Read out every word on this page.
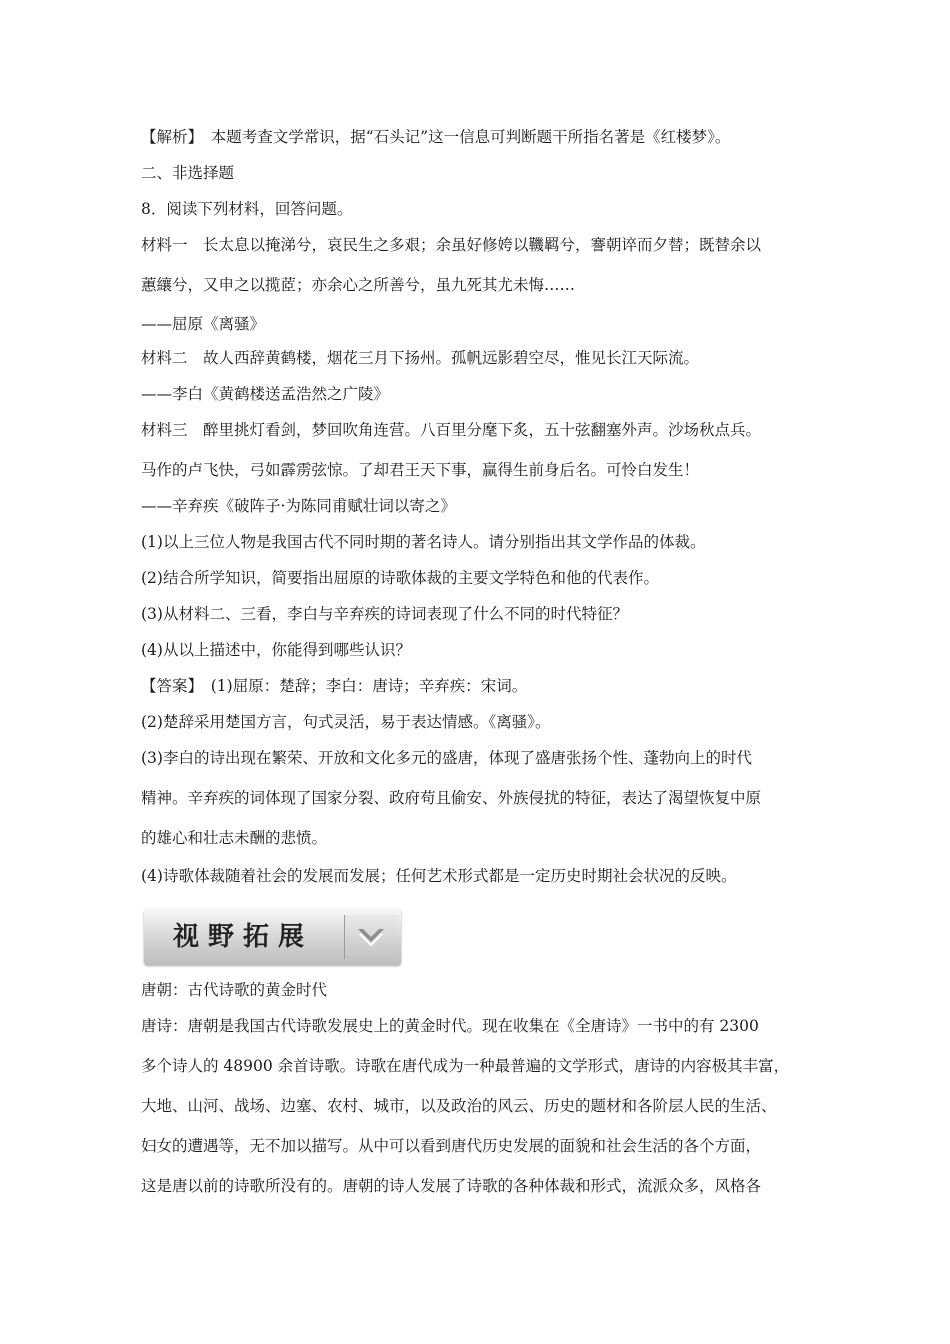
【解析】　本题考查文学常识，据“石头记”这一信息可判断题干所指名著是《红楼梦》。
二、非选择题
8．阅读下列材料，回答问题。
材料一　长太息以掩涕兮，哀民生之多艰；余虽好修姱以鞿羁兮，謇朝谇而夕替；既替余以
蕙纕兮，又申之以揽茝；亦余心之所善兮，虽九死其尤未悔……
——屈原《离骚》
材料二　故人西辞黄鹤楼，烟花三月下扬州。孤帆远影碧空尽，惟见长江天际流。
——李白《黄鹤楼送孟浩然之广陵》
材料三　醉里挑灯看剑，梦回吹角连营。八百里分麾下炙，五十弦翻塞外声。沙场秋点兵。
马作的卢飞快，弓如霹雳弦惊。了却君王天下事，赢得生前身后名。可怜白发生！
——辛弃疾《破阵子·为陈同甫赋壮词以寄之》
(1)以上三位人物是我国古代不同时期的著名诗人。请分别指出其文学作品的体裁。
(2)结合所学知识，简要指出屈原的诗歌体裁的主要文学特色和他的代表作。
(3)从材料二、三看，李白与辛弃疾的诗词表现了什么不同的时代特征？
(4)从以上描述中，你能得到哪些认识？
【答案】　(1)屈原：楚辞；李白：唐诗；辛弃疾：宋词。
(2)楚辞采用楚国方言，句式灵活，易于表达情感。《离骚》。
(3)李白的诗出现在繁荣、开放和文化多元的盛唐，体现了盛唐张扬个性、蓬勃向上的时代
精神。辛弃疾的词体现了国家分裂、政府苟且偷安、外族侵扰的特征，表达了渴望恢复中原
的雄心和壮志未酬的悲愤。
(4)诗歌体裁随着社会的发展而发展；任何艺术形式都是一定历史时期社会状况的反映。
视野拓展
唐朝：古代诗歌的黄金时代
唐诗：唐朝是我国古代诗歌发展史上的黄金时代。现在收集在《全唐诗》一书中的有 2300
多个诗人的 48900 余首诗歌。诗歌在唐代成为一种最普遍的文学形式，唐诗的内容极其丰富，
大地、山河、战场、边塞、农村、城市，以及政治的风云、历史的题材和各阶层人民的生活、
妇女的遭遇等，无不加以描写。从中可以看到唐代历史发展的面貌和社会生活的各个方面，
这是唐以前的诗歌所没有的。唐朝的诗人发展了诗歌的各种体裁和形式，流派众多，风格各
